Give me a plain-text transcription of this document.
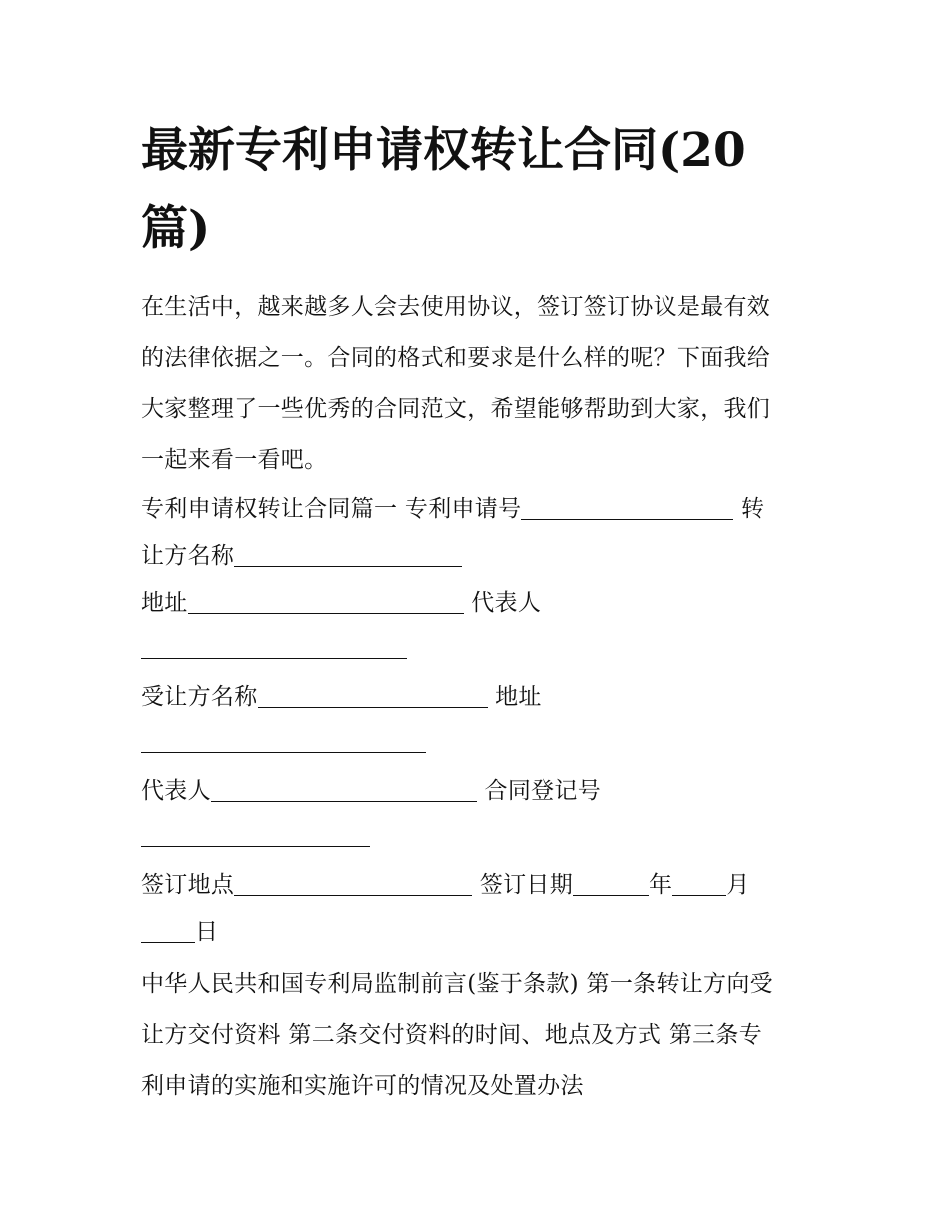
最新专利申请权转让合同(20
篇)
在生活中，越来越多人会去使用协议，签订签订协议是最有效
的法律依据之一。合同的格式和要求是什么样的呢？下面我给
大家整理了一些优秀的合同范文，希望能够帮助到大家，我们
一起来看一看吧。
专利申请权转让合同篇一 专利申请号	转
让方名称
地址	代表人
受让方名称	地址
代表人	合同登记号
签订地点	签订日期	年 月
日
中华人民共和国专利局监制前言(鉴于条款) 第一条转让方向受
让方交付资料 第二条交付资料的时间、地点及方式 第三条专
利申请的实施和实施许可的情况及处置办法
